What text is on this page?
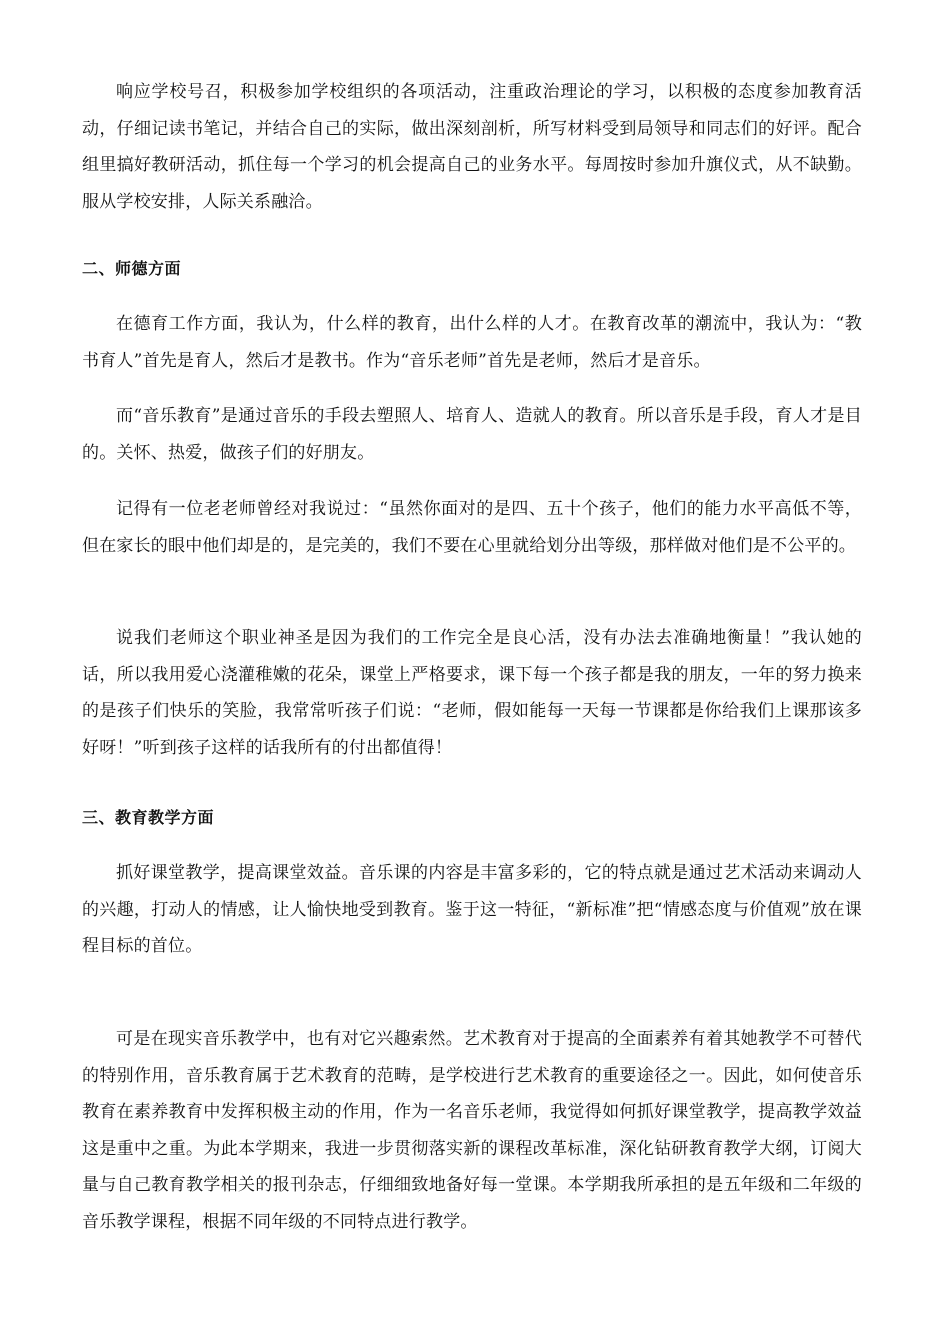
响应学校号召，积极参加学校组织的各项活动，注重政治理论的学习，以积极的态度参加教育活动，仔细记读书笔记，并结合自己的实际，做出深刻剖析，所写材料受到局领导和同志们的好评。配合组里搞好教研活动，抓住每一个学习的机会提高自己的业务水平。每周按时参加升旗仪式，从不缺勤。服从学校安排，人际关系融洽。

二、师德方面

在德育工作方面，我认为，什么样的教育，出什么样的人才。在教育改革的潮流中，我认为：“教书育人”首先是育人，然后才是教书。作为“音乐老师”首先是老师，然后才是音乐。

而“音乐教育”是通过音乐的手段去塑照人、培育人、造就人的教育。所以音乐是手段，育人才是目的。关怀、热爱，做孩子们的好朋友。

记得有一位老老师曾经对我说过：“虽然你面对的是四、五十个孩子，他们的能力水平高低不等，但在家长的眼中他们却是的，是完美的，我们不要在心里就给划分出等级，那样做对他们是不公平的。

说我们老师这个职业神圣是因为我们的工作完全是良心活，没有办法去准确地衡量！”我认她的话，所以我用爱心浇灌稚嫩的花朵，课堂上严格要求，课下每一个孩子都是我的朋友，一年的努力换来的是孩子们快乐的笑脸，我常常听孩子们说：“老师，假如能每一天每一节课都是你给我们上课那该多好呀！”听到孩子这样的话我所有的付出都值得！

三、教育教学方面

抓好课堂教学，提高课堂效益。音乐课的内容是丰富多彩的，它的特点就是通过艺术活动来调动人的兴趣，打动人的情感，让人愉快地受到教育。鉴于这一特征，“新标准”把“情感态度与价值观”放在课程目标的首位。

可是在现实音乐教学中，也有对它兴趣索然。艺术教育对于提高的全面素养有着其她教学不可替代的特别作用，音乐教育属于艺术教育的范畴，是学校进行艺术教育的重要途径之一。因此，如何使音乐教育在素养教育中发挥积极主动的作用，作为一名音乐老师，我觉得如何抓好课堂教学，提高教学效益这是重中之重。为此本学期来，我进一步贯彻落实新的课程改革标准，深化钻研教育教学大纲，订阅大量与自己教育教学相关的报刊杂志，仔细细致地备好每一堂课。本学期我所承担的是五年级和二年级的音乐教学课程，根据不同年级的不同特点进行教学。
